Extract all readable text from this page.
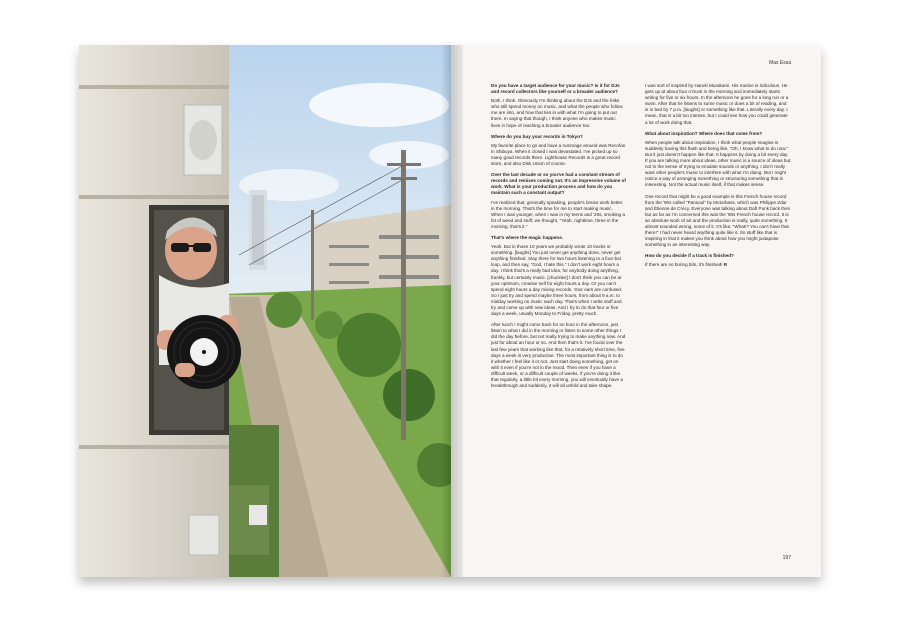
Max Essa

Do you have a target audience for your music? Is it for DJs and record collectors like yourself or a broader audience?

Both, I think. Obviously I'm thinking about the DJs and the folks who still spend money on music, and what the people who follow me are into, and how that ties in with what I'm going to put out there. In saying that though, I think anyone who makes music lives in hope of reaching a broader audience too.

Where do you buy your records in Tokyo?

My favorite place to go and have a rummage around was Recofan in Shibuya. When it closed I was devastated. I've picked up so many good records there. Lighthouse Records is a great record store, and also Disk Union of course.

Over the last decade or so you've had a constant stream of records and remixes coming out. It's an impressive volume of work. What is your production process and how do you maintain such a constant output?

I've realized that, generally speaking, people's brains work better in the morning. That's the time for me to start making music. When I was younger, when I was in my teens and '20s, smoking a lot of weed and stuff, we thought, "Yeah, nighttime, three in the morning, that's it."

That's where the magic happens.

Yeah. But in those 10 years we probably wrote 10 tracks or something. [laughs] You just never get anything done, never get anything finished. Stay there for two hours listening to a four-bar loop, and then say, "God, I hate this." I don't work eight hours a day. I think that's a really bad idea, for anybody doing anything, frankly, but certainly music. [chuckles] I don't think you can be at your optimum, creative self for eight hours a day. Or you can't spend eight hours a day mixing records. Your ears are confused. So I just try and spend maybe three hours, from about 9 a.m. to midday working on music each day. That's when I write stuff and try and come up with new ideas. And I try to do that four or five days a week, usually Monday to Friday, pretty much.

After lunch I might come back for an hour in the afternoon, just listen to what I did in the morning or listen to some other things I did the day before, but not really trying to make anything new. And just for about an hour or so. And then that's it. I've found over the last few years that working like that, for a relatively short time, five days a week is very productive. The most important thing is to do it whether I feel like it or not. Just start doing something, get on with it even if you're not in the mood. Then even if you have a difficult week, or a difficult couple of weeks, if you're doing it like that regularly, a little bit every morning, you will eventually have a breakthrough and suddenly, it will all unfold and take shape.

I was sort of inspired by Haruki Murakami. His routine is ridiculous. He gets up at about four o'clock in the morning and immediately starts writing for five or six hours. In the afternoon he goes for a long run or a swim. After that he listens to some music or does a bit of reading, and is in bed by 7 p.m. [laughs] or something like that. Literally every day. I mean, that is a bit too intense, but I could see how you could generate a lot of work doing that.

What about inspiration? Where does that come from?

When people talk about inspiration, I think what people imagine is suddenly having this flash and being like, "Oh, I know what to do now." But it just doesn't happen like that. It happens by doing a bit every day. If you are talking more about ideas, other music is a source of ideas but not in the sense of trying to emulate sounds or anything. I don't really want other people's music to interfere with what I'm doing. But I might notice a way of arranging something or structuring something that is interesting. Not the actual music itself, if that makes sense.

One record that might be a good example is this French house record from the '90s called "Pansoul" by Motorbass, which was Philippe Zdar and Étienne de Crécy. Everyone was talking about Daft Punk back then but as far as I'm concerned this was the '90s French house record. It is an absolute work of art and the production is really, quite something. It almost sounded wrong, some of it. It's like, "What!? You can't have that there!" I had never heard anything quite like it. So stuff like that is inspiring in that it makes you think about how you might juxtapose something in an interesting way.

How do you decide if a track is finished?

If there are no boring bits, it's finished! R

197
